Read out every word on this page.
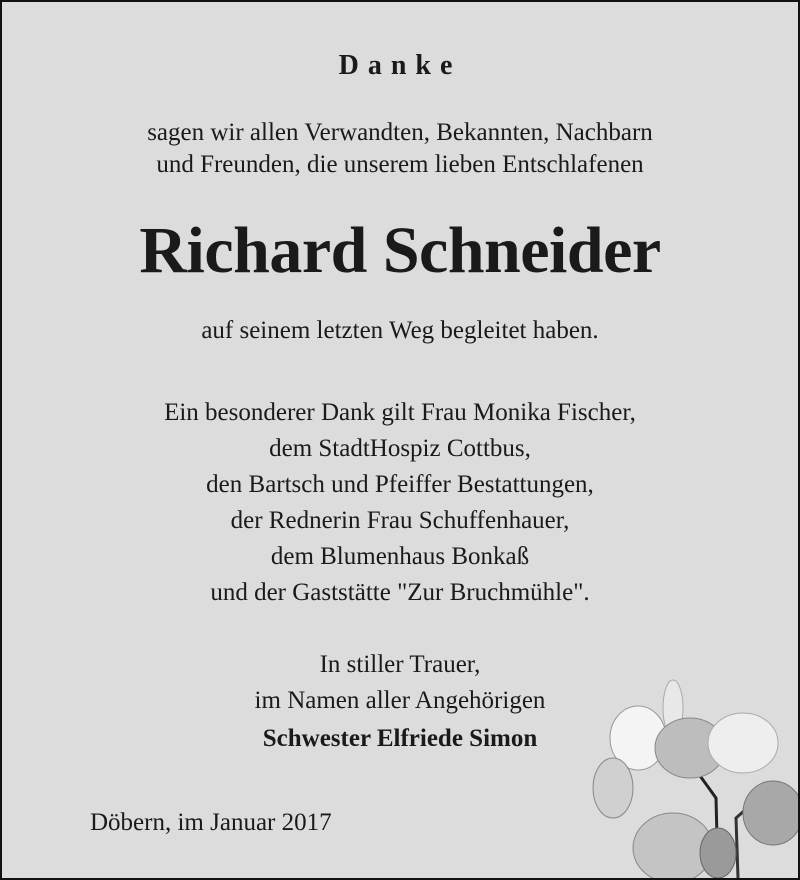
Danke
sagen wir allen Verwandten, Bekannten, Nachbarn
und Freunden, die unserem lieben Entschlafenen
Richard Schneider
auf seinem letzten Weg begleitet haben.
Ein besonderer Dank gilt Frau Monika Fischer,
dem StadtHospiz Cottbus,
den Bartsch und Pfeiffer Bestattungen,
der Rednerin Frau Schuffenhauer,
dem Blumenhaus Bonkaß
und der Gaststätte "Zur Bruchmühle".
In stiller Trauer,
im Namen aller Angehörigen
Schwester Elfriede Simon
Döbern, im Januar 2017
